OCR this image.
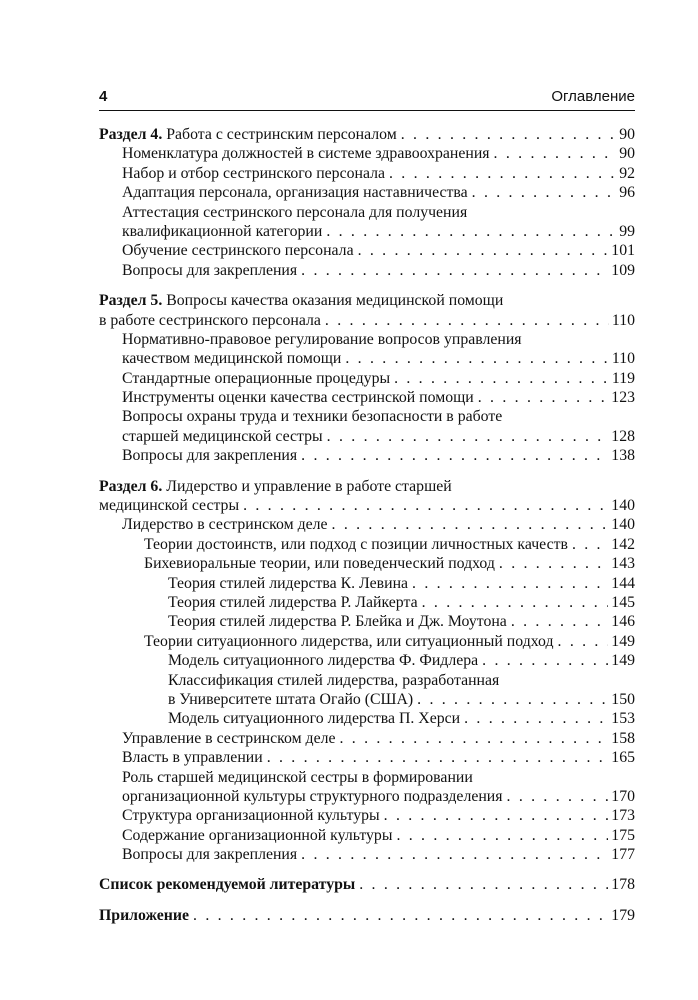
4	Оглавление
Раздел 4. Работа с сестринским персоналом . . .	90
Номенклатура должностей в системе здравоохранения . . .	90
Набор и отбор сестринского персонала . . .	92
Адаптация персонала, организация наставничества . . .	96
Аттестация сестринского персонала для получения
квалификационной категории . . .	99
Обучение сестринского персонала . . .	101
Вопросы для закрепления . . .	109
Раздел 5. Вопросы качества оказания медицинской помощи
в работе сестринского персонала . . .	110
Нормативно-правовое регулирование вопросов управления
качеством медицинской помощи . . .	110
Стандартные операционные процедуры . . .	119
Инструменты оценки качества сестринской помощи . . .	123
Вопросы охраны труда и техники безопасности в работе
старшей медицинской сестры . . .	128
Вопросы для закрепления . . .	138
Раздел 6. Лидерство и управление в работе старшей
медицинской сестры . . .	140
Лидерство в сестринском деле . . .	140
Теории достоинств, или подход с позиции личностных качеств . . .	142
Бихевиоральные теории, или поведенческий подход . . .	143
Теория стилей лидерства К. Левина . . .	144
Теория стилей лидерства Р. Лайкерта . . .	145
Теория стилей лидерства Р. Блейка и Дж. Моутона . . .	146
Теории ситуационного лидерства, или ситуационный подход . . .	149
Модель ситуационного лидерства Ф. Фидлера . . .	149
Классификация стилей лидерства, разработанная
в Университете штата Огайо (США) . . .	150
Модель ситуационного лидерства П. Херси . . .	153
Управление в сестринском деле . . .	158
Власть в управлении . . .	165
Роль старшей медицинской сестры в формировании
организационной культуры структурного подразделения . . .	170
Структура организационной культуры . . .	173
Содержание организационной культуры . . .	175
Вопросы для закрепления . . .	177
Список рекомендуемой литературы . . .	178
Приложение . . .	179
